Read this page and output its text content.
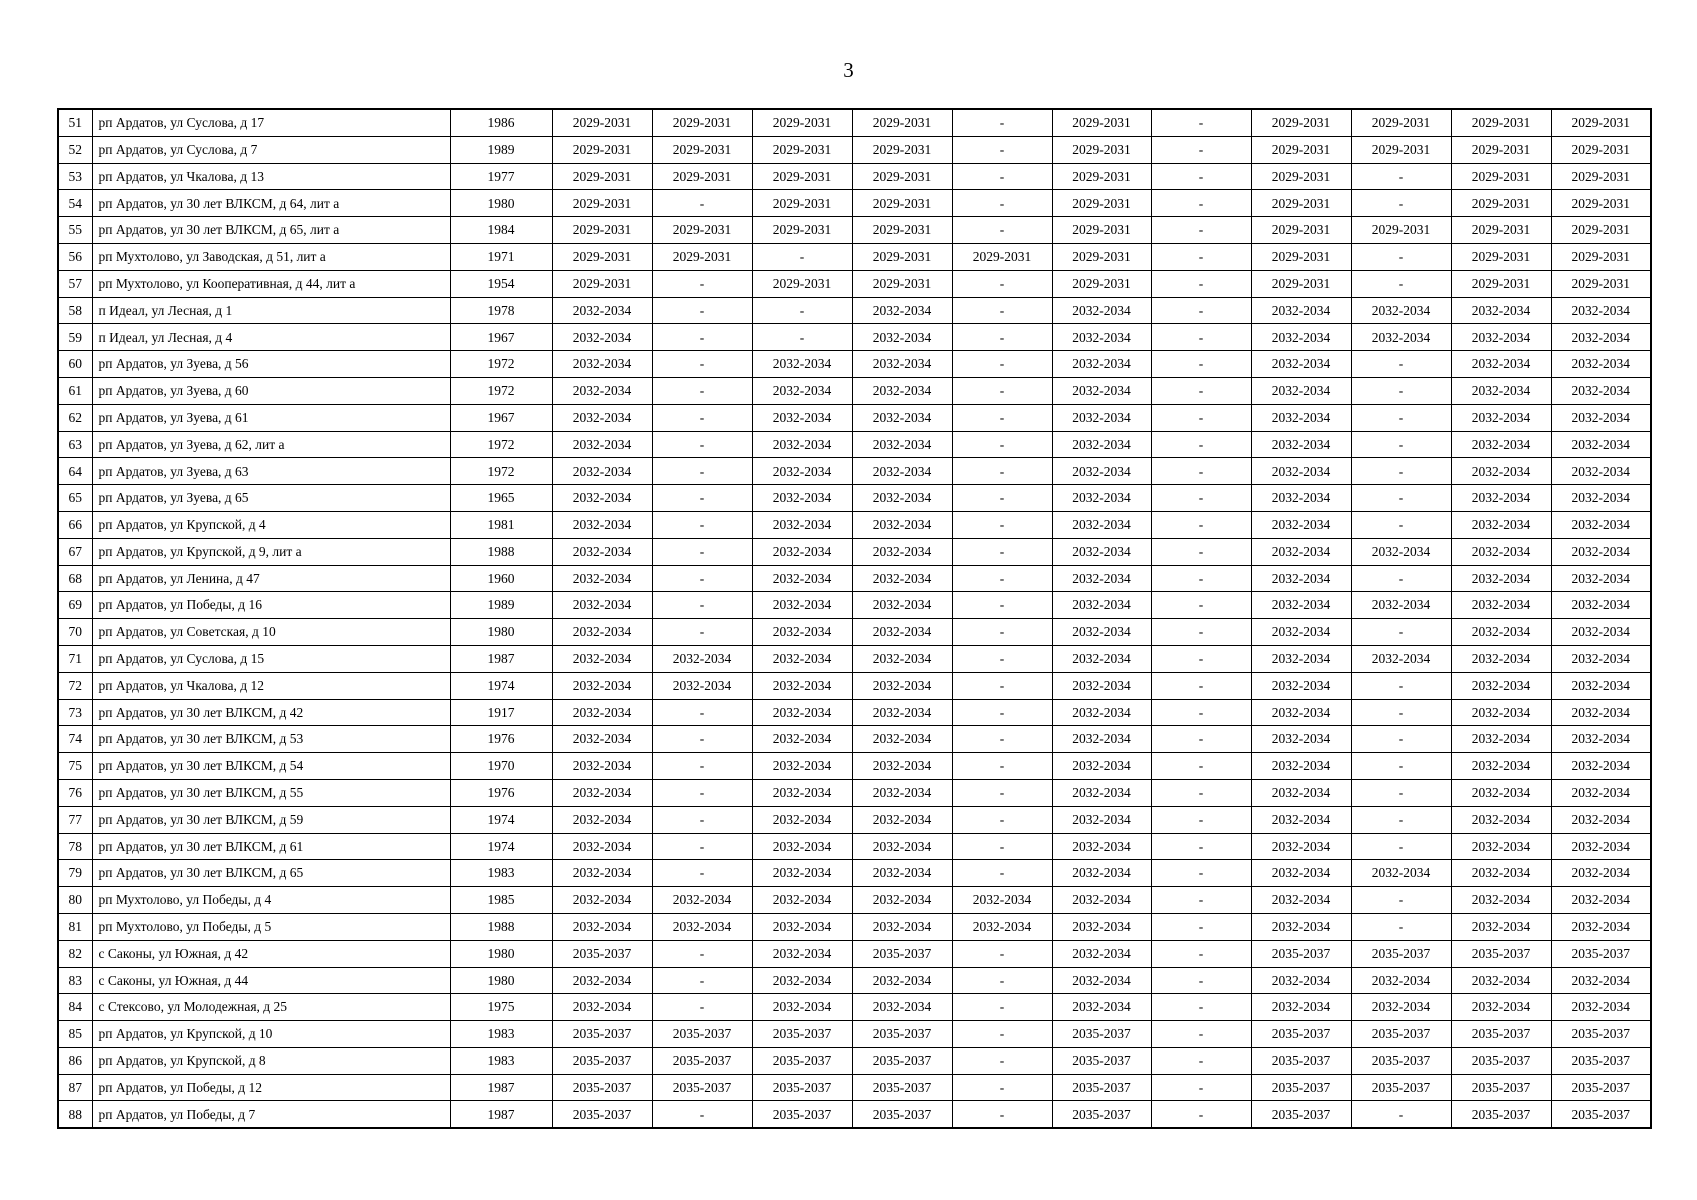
3
51	рп Ардатов, ул Суслова, д 17	1986	2029-2031	2029-2031	2029-2031	2029-2031	-	2029-2031	-	2029-2031	2029-2031	2029-2031	2029-2031
52	рп Ардатов, ул Суслова, д 7	1989	2029-2031	2029-2031	2029-2031	2029-2031	-	2029-2031	-	2029-2031	2029-2031	2029-2031	2029-2031
53	рп Ардатов, ул Чкалова, д 13	1977	2029-2031	2029-2031	2029-2031	2029-2031	-	2029-2031	-	2029-2031	-	2029-2031	2029-2031
54	рп Ардатов, ул 30 лет ВЛКСМ, д 64, лит а	1980	2029-2031	-	2029-2031	2029-2031	-	2029-2031	-	2029-2031	-	2029-2031	2029-2031
55	рп Ардатов, ул 30 лет ВЛКСМ, д 65, лит а	1984	2029-2031	2029-2031	2029-2031	2029-2031	-	2029-2031	-	2029-2031	2029-2031	2029-2031	2029-2031
56	рп Мухтолово, ул Заводская, д 51, лит а	1971	2029-2031	2029-2031	-	2029-2031	2029-2031	2029-2031	-	2029-2031	-	2029-2031	2029-2031
57	рп Мухтолово, ул Кооперативная, д 44, лит а	1954	2029-2031	-	2029-2031	2029-2031	-	2029-2031	-	2029-2031	-	2029-2031	2029-2031
58	п Идеал, ул Лесная, д 1	1978	2032-2034	-	-	2032-2034	-	2032-2034	-	2032-2034	2032-2034	2032-2034	2032-2034
59	п Идеал, ул Лесная, д 4	1967	2032-2034	-	-	2032-2034	-	2032-2034	-	2032-2034	2032-2034	2032-2034	2032-2034
60	рп Ардатов, ул Зуева, д 56	1972	2032-2034	-	2032-2034	2032-2034	-	2032-2034	-	2032-2034	-	2032-2034	2032-2034
61	рп Ардатов, ул Зуева, д 60	1972	2032-2034	-	2032-2034	2032-2034	-	2032-2034	-	2032-2034	-	2032-2034	2032-2034
62	рп Ардатов, ул Зуева, д 61	1967	2032-2034	-	2032-2034	2032-2034	-	2032-2034	-	2032-2034	-	2032-2034	2032-2034
63	рп Ардатов, ул Зуева, д 62, лит а	1972	2032-2034	-	2032-2034	2032-2034	-	2032-2034	-	2032-2034	-	2032-2034	2032-2034
64	рп Ардатов, ул Зуева, д 63	1972	2032-2034	-	2032-2034	2032-2034	-	2032-2034	-	2032-2034	-	2032-2034	2032-2034
65	рп Ардатов, ул Зуева, д 65	1965	2032-2034	-	2032-2034	2032-2034	-	2032-2034	-	2032-2034	-	2032-2034	2032-2034
66	рп Ардатов, ул Крупской, д 4	1981	2032-2034	-	2032-2034	2032-2034	-	2032-2034	-	2032-2034	-	2032-2034	2032-2034
67	рп Ардатов, ул Крупской, д 9, лит а	1988	2032-2034	-	2032-2034	2032-2034	-	2032-2034	-	2032-2034	2032-2034	2032-2034	2032-2034
68	рп Ардатов, ул Ленина, д 47	1960	2032-2034	-	2032-2034	2032-2034	-	2032-2034	-	2032-2034	-	2032-2034	2032-2034
69	рп Ардатов, ул Победы, д 16	1989	2032-2034	-	2032-2034	2032-2034	-	2032-2034	-	2032-2034	2032-2034	2032-2034	2032-2034
70	рп Ардатов, ул Советская, д 10	1980	2032-2034	-	2032-2034	2032-2034	-	2032-2034	-	2032-2034	-	2032-2034	2032-2034
71	рп Ардатов, ул Суслова, д 15	1987	2032-2034	2032-2034	2032-2034	2032-2034	-	2032-2034	-	2032-2034	2032-2034	2032-2034	2032-2034
72	рп Ардатов, ул Чкалова, д 12	1974	2032-2034	2032-2034	2032-2034	2032-2034	-	2032-2034	-	2032-2034	-	2032-2034	2032-2034
73	рп Ардатов, ул 30 лет ВЛКСМ, д 42	1917	2032-2034	-	2032-2034	2032-2034	-	2032-2034	-	2032-2034	-	2032-2034	2032-2034
74	рп Ардатов, ул 30 лет ВЛКСМ, д 53	1976	2032-2034	-	2032-2034	2032-2034	-	2032-2034	-	2032-2034	-	2032-2034	2032-2034
75	рп Ардатов, ул 30 лет ВЛКСМ, д 54	1970	2032-2034	-	2032-2034	2032-2034	-	2032-2034	-	2032-2034	-	2032-2034	2032-2034
76	рп Ардатов, ул 30 лет ВЛКСМ, д 55	1976	2032-2034	-	2032-2034	2032-2034	-	2032-2034	-	2032-2034	-	2032-2034	2032-2034
77	рп Ардатов, ул 30 лет ВЛКСМ, д 59	1974	2032-2034	-	2032-2034	2032-2034	-	2032-2034	-	2032-2034	-	2032-2034	2032-2034
78	рп Ардатов, ул 30 лет ВЛКСМ, д 61	1974	2032-2034	-	2032-2034	2032-2034	-	2032-2034	-	2032-2034	-	2032-2034	2032-2034
79	рп Ардатов, ул 30 лет ВЛКСМ, д 65	1983	2032-2034	-	2032-2034	2032-2034	-	2032-2034	-	2032-2034	2032-2034	2032-2034	2032-2034
80	рп Мухтолово, ул Победы, д 4	1985	2032-2034	2032-2034	2032-2034	2032-2034	2032-2034	2032-2034	-	2032-2034	-	2032-2034	2032-2034
81	рп Мухтолово, ул Победы, д 5	1988	2032-2034	2032-2034	2032-2034	2032-2034	2032-2034	2032-2034	-	2032-2034	-	2032-2034	2032-2034
82	с Саконы, ул Южная, д 42	1980	2035-2037	-	2032-2034	2035-2037	-	2032-2034	-	2035-2037	2035-2037	2035-2037	2035-2037
83	с Саконы, ул Южная, д 44	1980	2032-2034	-	2032-2034	2032-2034	-	2032-2034	-	2032-2034	2032-2034	2032-2034	2032-2034
84	с Стексово, ул Молодежная, д 25	1975	2032-2034	-	2032-2034	2032-2034	-	2032-2034	-	2032-2034	2032-2034	2032-2034	2032-2034
85	рп Ардатов, ул Крупской, д 10	1983	2035-2037	2035-2037	2035-2037	2035-2037	-	2035-2037	-	2035-2037	2035-2037	2035-2037	2035-2037
86	рп Ардатов, ул Крупской, д 8	1983	2035-2037	2035-2037	2035-2037	2035-2037	-	2035-2037	-	2035-2037	2035-2037	2035-2037	2035-2037
87	рп Ардатов, ул Победы, д 12	1987	2035-2037	2035-2037	2035-2037	2035-2037	-	2035-2037	-	2035-2037	2035-2037	2035-2037	2035-2037
88	рп Ардатов, ул Победы, д 7	1987	2035-2037	-	2035-2037	2035-2037	-	2035-2037	-	2035-2037	-	2035-2037	2035-2037
